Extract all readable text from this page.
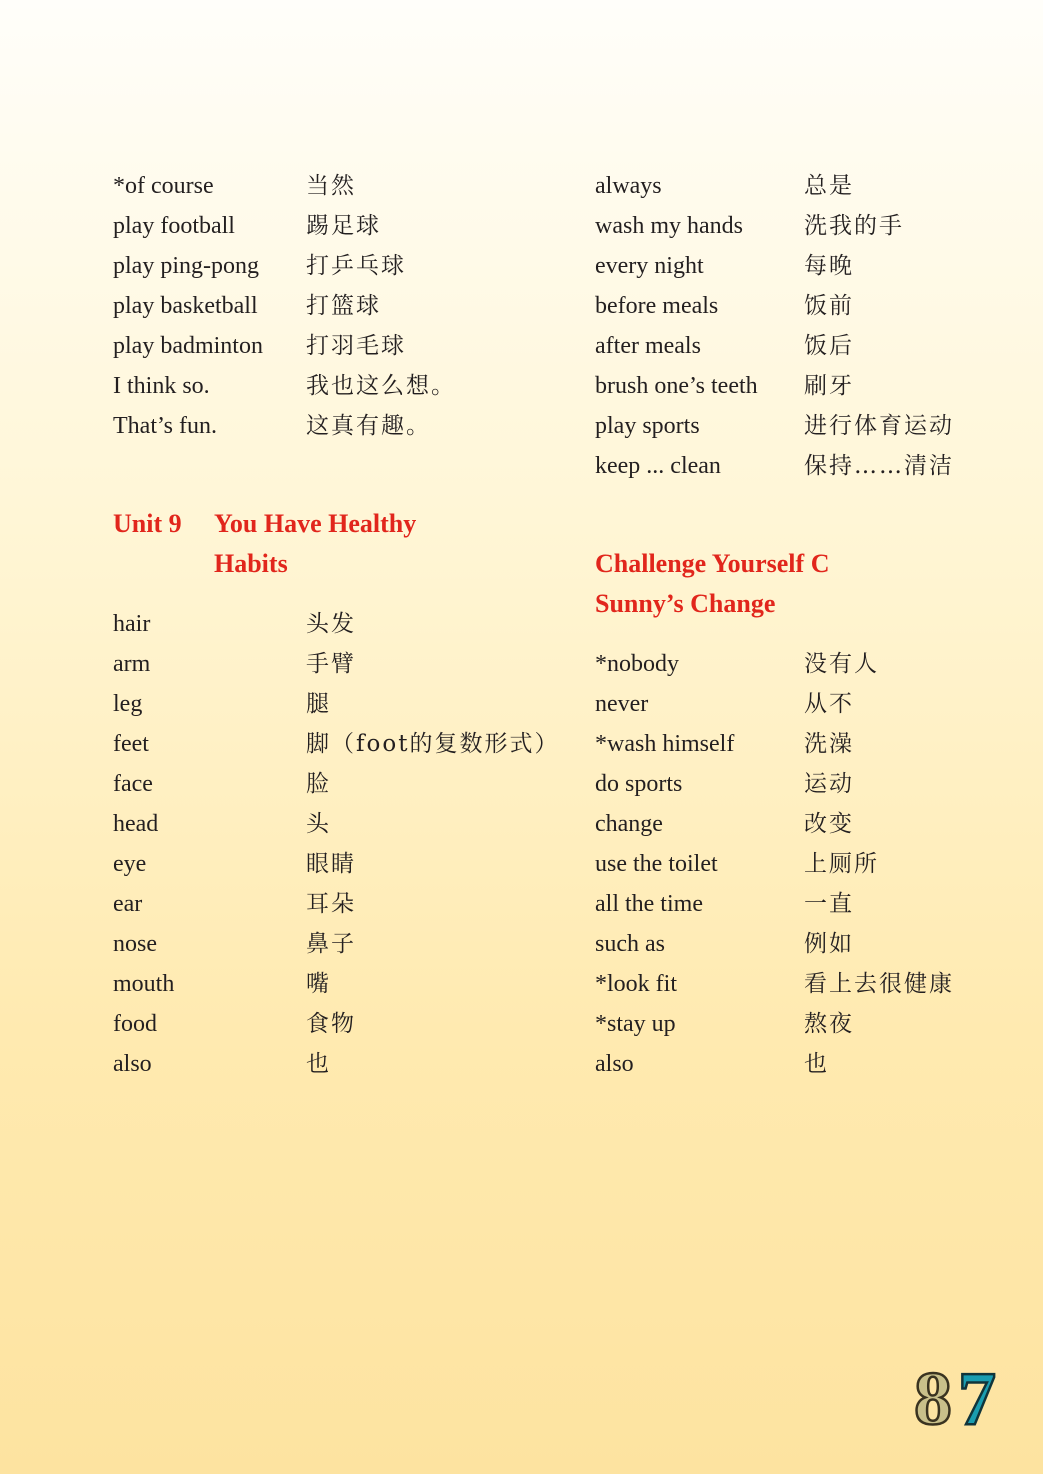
*of course	当然
play football	踢足球
play ping-pong 打乒乓球
play basketball 打篮球
play badminton 打羽毛球
I think so.	我也这么想。
That’s fun.	这真有趣。
Unit 9 You Have Healthy
Habits
hair	头发
arm	手臂
leg	腿
feet	脚（foot的复数形式）
face	脸
head	头
eye	眼睛
ear	耳朵
nose	鼻子
mouth	嘴
food	食物
also	也
always	总是
wash my hands	洗我的手
every night	每晚
before meals	饭前
after meals	饭后
brush one’s teeth 刷牙
play sports	进行体育运动
keep ... clean	保持……清洁
Challenge Yourself C
Sunny’s Change
*nobody	没有人
never	从不
*wash himself	洗澡
do sports	运动
change	改变
use the toilet	上厕所
all the time	一直
such as	例如
*look fit	看上去很健康
*stay up	熬夜
also	也
8 7
